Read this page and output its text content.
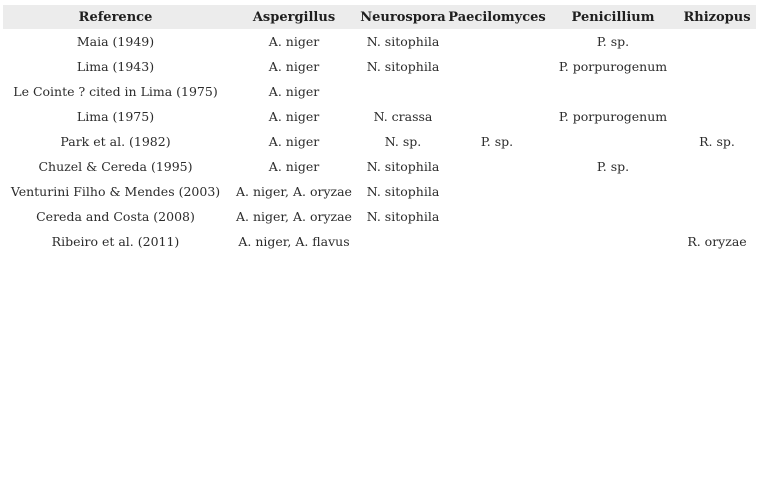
Reference	Aspergillus	Neurospora	Paecilomyces	Penicillium	Rhizopus
Maia (1949)	A. niger	N. sitophila		P. sp.	
Lima (1943)	A. niger	N. sitophila		P. porpurogenum	
Le Cointe ? cited in Lima (1975)	A. niger				
Lima (1975)	A. niger	N. crassa		P. porpurogenum	
Park et al. (1982)	A. niger	N. sp.	P. sp.		R. sp.
Chuzel & Cereda (1995)	A. niger	N. sitophila		P. sp.	
Venturini Filho & Mendes (2003)	A. niger, A. oryzae	N. sitophila			
Cereda and Costa (2008)	A. niger, A. oryzae	N. sitophila			
Ribeiro et al. (2011)	A. niger, A. flavus				R. oryzae
